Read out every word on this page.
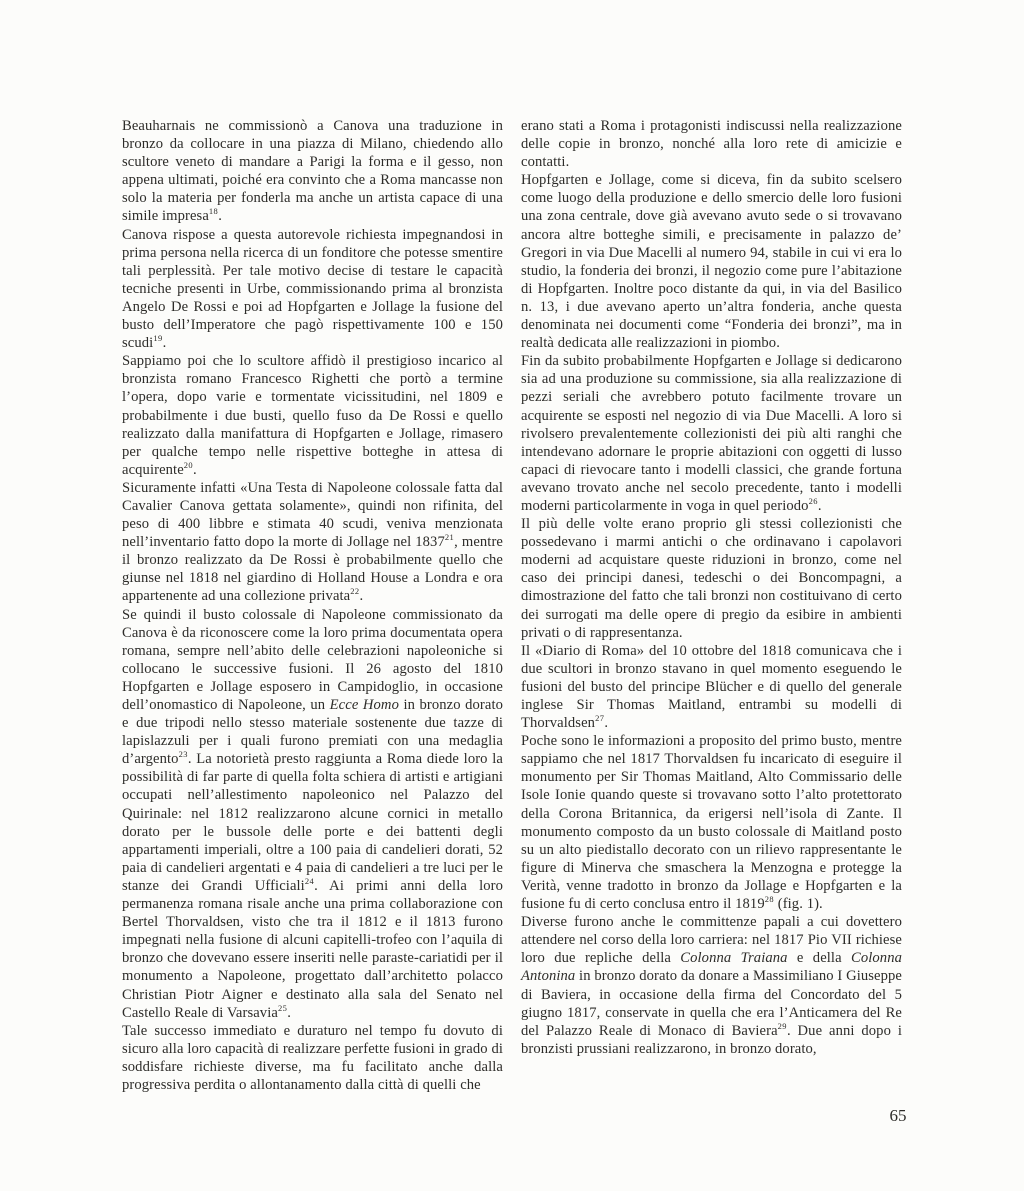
Beauharnais ne commissionò a Canova una traduzione in bronzo da collocare in una piazza di Milano, chiedendo allo scultore veneto di mandare a Parigi la forma e il gesso, non appena ultimati, poiché era convinto che a Roma mancasse non solo la materia per fonderla ma anche un artista capace di una simile impresa$^{18}$.

Canova rispose a questa autorevole richiesta impegnandosi in prima persona nella ricerca di un fonditore che potesse smentire tali perplessità. Per tale motivo decise di testare le capacità tecniche presenti in Urbe, commissionando prima al bronzista Angelo De Rossi e poi ad Hopfgarten e Jollage la fusione del busto dell’Imperatore che pagò rispettivamente 100 e 150 scudi$^{19}$.

Sappiamo poi che lo scultore affidò il prestigioso incarico al bronzista romano Francesco Righetti che portò a termine l’opera, dopo varie e tormentate vicissitudini, nel 1809 e probabilmente i due busti, quello fuso da De Rossi e quello realizzato dalla manifattura di Hopfgarten e Jollage, rimasero per qualche tempo nelle rispettive botteghe in attesa di acquirente$^{20}$.

Sicuramente infatti «Una Testa di Napoleone colossale fatta dal Cavalier Canova gettata solamente», quindi non rifinita, del peso di 400 libbre e stimata 40 scudi, veniva menzionata nell’inventario fatto dopo la morte di Jollage nel 1837$^{21}$, mentre il bronzo realizzato da De Rossi è probabilmente quello che giunse nel 1818 nel giardino di Holland House a Londra e ora appartenente ad una collezione privata$^{22}$.

Se quindi il busto colossale di Napoleone commissionato da Canova è da riconoscere come la loro prima documentata opera romana, sempre nell’abito delle celebrazioni napoleoniche si collocano le successive fusioni. Il 26 agosto del 1810 Hopfgarten e Jollage esposero in Campidoglio, in occasione dell’onomastico di Napoleone, un Ecce Homo in bronzo dorato e due tripodi nello stesso materiale sostenente due tazze di lapislazzuli per i quali furono premiati con una medaglia d’argento$^{23}$. La notorietà presto raggiunta a Roma diede loro la possibilità di far parte di quella folta schiera di artisti e artigiani occupati nell’allestimento napoleonico nel Palazzo del Quirinale: nel 1812 realizzarono alcune cornici in metallo dorato per le bussole delle porte e dei battenti degli appartamenti imperiali, oltre a 100 paia di candelieri dorati, 52 paia di candelieri argentati e 4 paia di candelieri a tre luci per le stanze dei Grandi Ufficiali$^{24}$. Ai primi anni della loro permanenza romana risale anche una prima collaborazione con Bertel Thorvaldsen, visto che tra il 1812 e il 1813 furono impegnati nella fusione di alcuni capitelli-trofeo con l’aquila di bronzo che dovevano essere inseriti nelle paraste-cariatidi per il monumento a Napoleone, progettato dall’architetto polacco Christian Piotr Aigner e destinato alla sala del Senato nel Castello Reale di Varsavia$^{25}$.

Tale successo immediato e duraturo nel tempo fu dovuto di sicuro alla loro capacità di realizzare perfette fusioni in grado di soddisfare richieste diverse, ma fu facilitato anche dalla progressiva perdita o allontanamento dalla città di quelli che

erano stati a Roma i protagonisti indiscussi nella realizzazione delle copie in bronzo, nonché alla loro rete di amicizie e contatti.

Hopfgarten e Jollage, come si diceva, fin da subito scelsero come luogo della produzione e dello smercio delle loro fusioni una zona centrale, dove già avevano avuto sede o si trovavano ancora altre botteghe simili, e precisamente in palazzo de’ Gregori in via Due Macelli al numero 94, stabile in cui vi era lo studio, la fonderia dei bronzi, il negozio come pure l’abitazione di Hopfgarten. Inoltre poco distante da qui, in via del Basilico n. 13, i due avevano aperto un’altra fonderia, anche questa denominata nei documenti come “Fonderia dei bronzi”, ma in realtà dedicata alle realizzazioni in piombo.

Fin da subito probabilmente Hopfgarten e Jollage si dedicarono sia ad una produzione su commissione, sia alla realizzazione di pezzi seriali che avrebbero potuto facilmente trovare un acquirente se esposti nel negozio di via Due Macelli. A loro si rivolsero prevalentemente collezionisti dei più alti ranghi che intendevano adornare le proprie abitazioni con oggetti di lusso capaci di rievocare tanto i modelli classici, che grande fortuna avevano trovato anche nel secolo precedente, tanto i modelli moderni particolarmente in voga in quel periodo$^{26}$.

Il più delle volte erano proprio gli stessi collezionisti che possedevano i marmi antichi o che ordinavano i capolavori moderni ad acquistare queste riduzioni in bronzo, come nel caso dei principi danesi, tedeschi o dei Boncompagni, a dimostrazione del fatto che tali bronzi non costituivano di certo dei surrogati ma delle opere di pregio da esibire in ambienti privati o di rappresentanza.

Il «Diario di Roma» del 10 ottobre del 1818 comunicava che i due scultori in bronzo stavano in quel momento eseguendo le fusioni del busto del principe Blücher e di quello del generale inglese Sir Thomas Maitland, entrambi su modelli di Thorvaldsen$^{27}$.

Poche sono le informazioni a proposito del primo busto, mentre sappiamo che nel 1817 Thorvaldsen fu incaricato di eseguire il monumento per Sir Thomas Maitland, Alto Commissario delle Isole Ionie quando queste si trovavano sotto l’alto protettorato della Corona Britannica, da erigersi nell’isola di Zante. Il monumento composto da un busto colossale di Maitland posto su un alto piedistallo decorato con un rilievo rappresentante le figure di Minerva che smaschera la Menzogna e protegge la Verità, venne tradotto in bronzo da Jollage e Hopfgarten e la fusione fu di certo conclusa entro il 1819$^{28}$ (fig. 1).

Diverse furono anche le committenze papali a cui dovettero attendere nel corso della loro carriera: nel 1817 Pio VII richiese loro due repliche della Colonna Traiana e della Colonna Antonina in bronzo dorato da donare a Massimiliano I Giuseppe di Baviera, in occasione della firma del Concordato del 5 giugno 1817, conservate in quella che era l’Anticamera del Re del Palazzo Reale di Monaco di Baviera$^{29}$. Due anni dopo i bronzisti prussiani realizzarono, in bronzo dorato,

65
